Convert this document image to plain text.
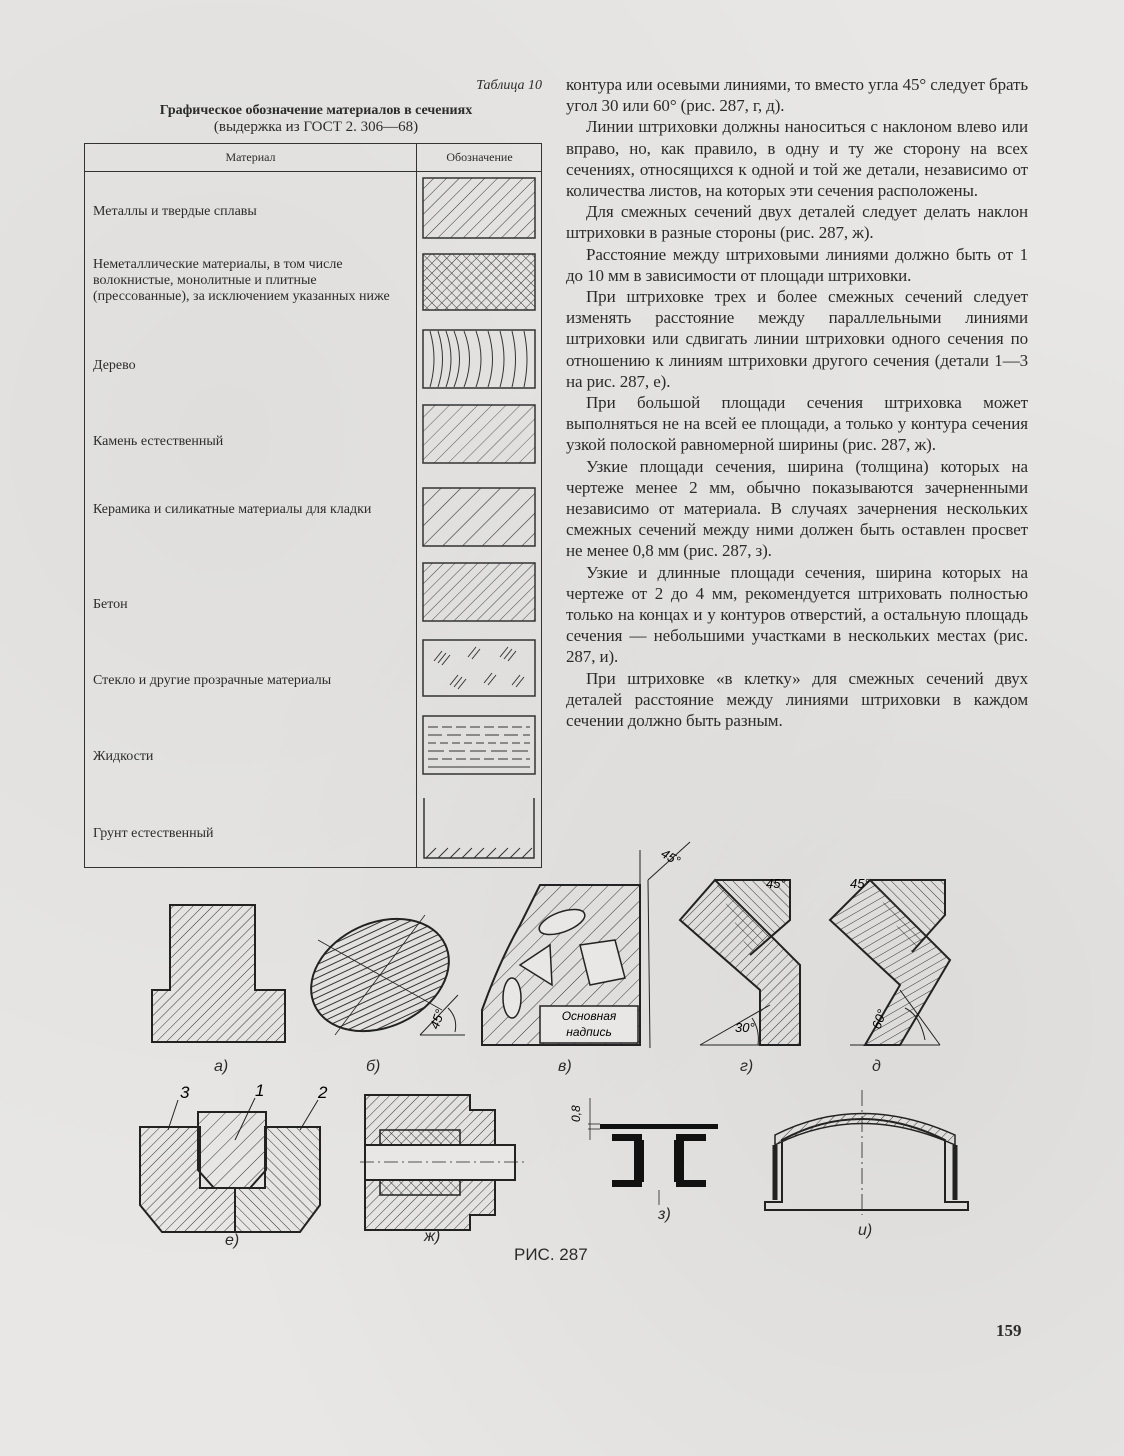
Таблица 10
Графическое обозначение материалов в сечениях
(выдержка из ГОСТ 2. 306—68)
Материал	Обозначение
Металлы и твердые сплавы
Неметаллические материалы, в том числе волокнистые, монолитные и плитные (прессованные), за исключением указанных ниже
Дерево
Камень естественный
Керамика и силикатные материалы для кладки
Бетон
Стекло и другие прозрачные материалы
Жидкости
Грунт естественный

контура или осевыми линиями, то вместо угла 45° следует брать угол 30 или 60° (рис. 287, г, д).

Линии штриховки должны наноситься с наклоном влево или вправо, но, как правило, в одну и ту же сторону на всех сечениях, относящихся к одной и той же детали, независимо от количества листов, на которых эти сечения расположены.

Для смежных сечений двух деталей следует делать наклон штриховки в разные стороны (рис. 287, ж).

Расстояние между штриховыми линиями должно быть от 1 до 10 мм в зависимости от площади штриховки.

При штриховке трех и более смежных сечений следует изменять расстояние между параллельными линиями штриховки или сдвигать линии штриховки одного сечения по отношению к линиям штриховки другого сечения (детали 1—3 на рис. 287, е).

При большой площади сечения штриховка может выполняться не на всей ее площади, а только у контура сечения узкой полоской равномерной ширины (рис. 287, ж).

Узкие площади сечения, ширина (толщина) которых на чертеже менее 2 мм, обычно показываются зачерненными независимо от материала. В случаях зачернения нескольких смежных сечений между ними должен быть оставлен просвет не менее 0,8 мм (рис. 287, з).

Узкие и длинные площади сечения, ширина которых на чертеже от 2 до 4 мм, рекомендуется штриховать полностью только на концах и у контуров отверстий, а остальную площадь сечения — небольшими участками в нескольких местах (рис. 287, и).

При штриховке «в клетку» для смежных сечений двух деталей расстояние между линиями штриховки в каждом сечении должно быть разным.

45°	Основная
надпись
45°
30°
45°
60°
45°
3	1	2
0,8
а)	б)	в)	г)	д
е)	ж)
з)
и)
РИС. 287
159
